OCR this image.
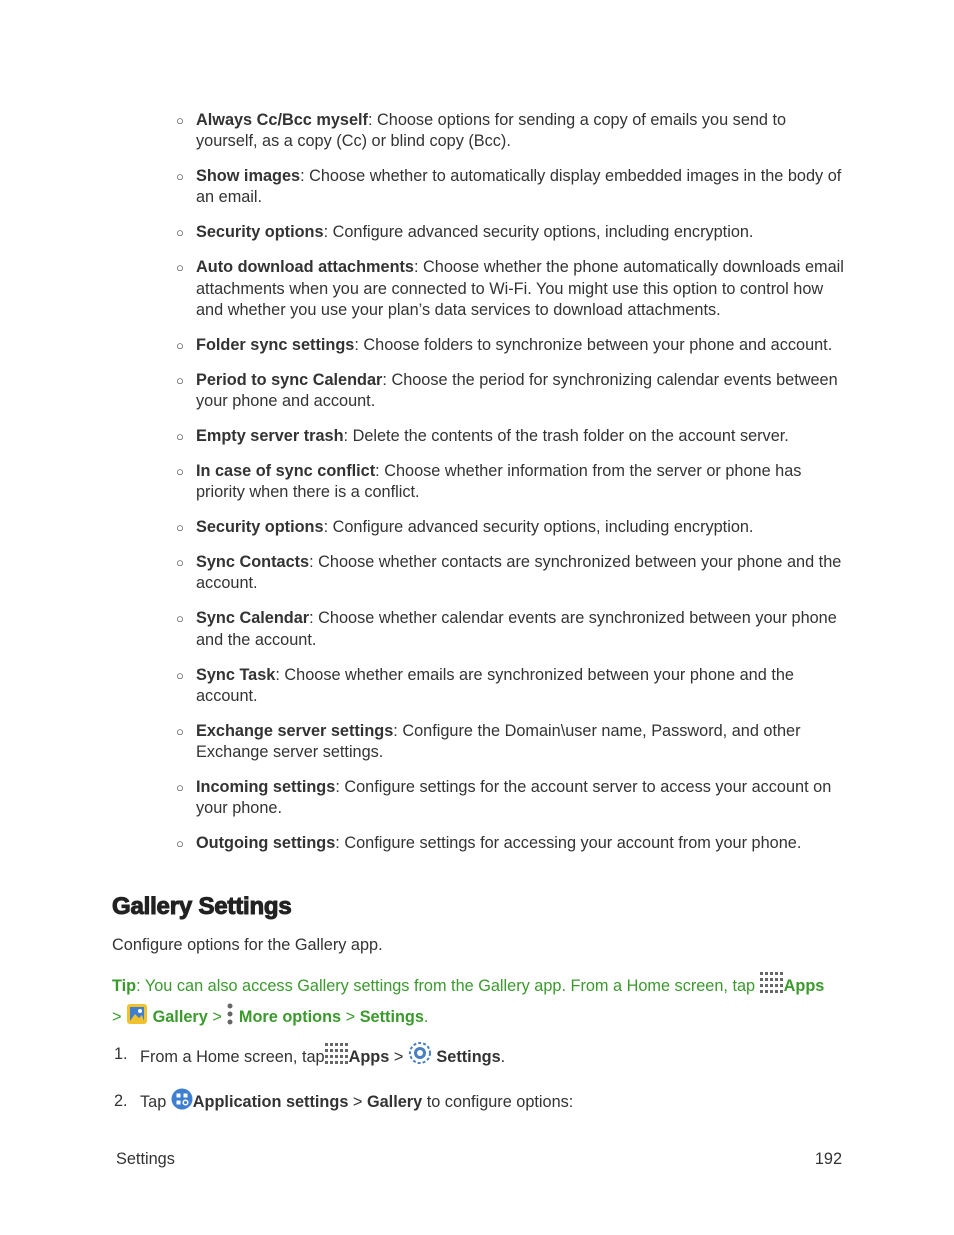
○ Always Cc/Bcc myself: Choose options for sending a copy of emails you send to yourself, as a copy (Cc) or blind copy (Bcc).
○ Show images: Choose whether to automatically display embedded images in the body of an email.
○ Security options: Configure advanced security options, including encryption.
○ Auto download attachments: Choose whether the phone automatically downloads email attachments when you are connected to Wi-Fi. You might use this option to control how and whether you use your plan’s data services to download attachments.
○ Folder sync settings: Choose folders to synchronize between your phone and account.
○ Period to sync Calendar: Choose the period for synchronizing calendar events between your phone and account.
○ Empty server trash: Delete the contents of the trash folder on the account server.
○ In case of sync conflict: Choose whether information from the server or phone has priority when there is a conflict.
○ Security options: Configure advanced security options, including encryption.
○ Sync Contacts: Choose whether contacts are synchronized between your phone and the account.
○ Sync Calendar: Choose whether calendar events are synchronized between your phone and the account.
○ Sync Task: Choose whether emails are synchronized between your phone and the account.
○ Exchange server settings: Configure the Domain\user name, Password, and other Exchange server settings.
○ Incoming settings: Configure settings for the account server to access your account on your phone.
○ Outgoing settings: Configure settings for accessing your account from your phone.
Gallery Settings

Configure options for the Gallery app.

Tip: You can also access Gallery settings from the Gallery app. From a Home screen, tap Apps
> Gallery > More options > Settings.

1. From a Home screen, tap Apps > Settings.
2. Tap Application settings > Gallery to configure options:
Settings	192
